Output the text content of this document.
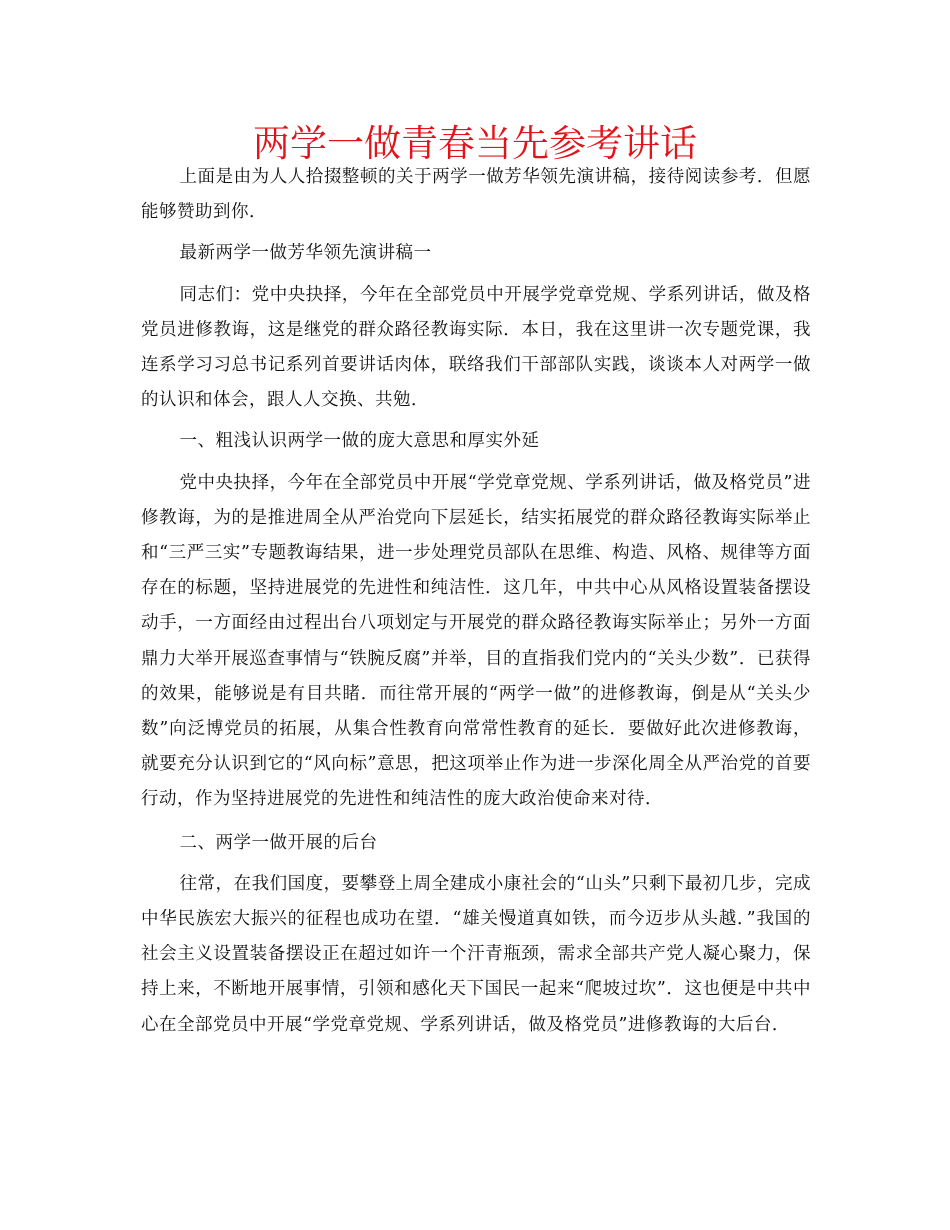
两学一做青春当先参考讲话

上面是由为人人拾掇整顿的关于两学一做芳华领先演讲稿，接待阅读参考．但愿能够赞助到你．

最新两学一做芳华领先演讲稿一

同志们：党中央抉择，今年在全部党员中开展学党章党规、学系列讲话，做及格党员进修教诲，这是继党的群众路径教诲实际．本日，我在这里讲一次专题党课，我连系学习习总书记系列首要讲话肉体，联络我们干部部队实践，谈谈本人对两学一做的认识和体会，跟人人交换、共勉．

一、粗浅认识两学一做的庞大意思和厚实外延

党中央抉择，今年在全部党员中开展“学党章党规、学系列讲话，做及格党员”进修教诲，为的是推进周全从严治党向下层延长，结实拓展党的群众路径教诲实际举止和“三严三实”专题教诲结果，进一步处理党员部队在思维、构造、风格、规律等方面存在的标题，坚持进展党的先进性和纯洁性．这几年，中共中心从风格设置装备摆设动手，一方面经由过程出台八项划定与开展党的群众路径教诲实际举止；另外一方面鼎力大举开展巡查事情与“铁腕反腐”并举，目的直指我们党内的“关头少数”．已获得的效果，能够说是有目共睹．而往常开展的“两学一做”的进修教诲，倒是从“关头少数”向泛博党员的拓展，从集合性教育向常常性教育的延长．要做好此次进修教诲，就要充分认识到它的“风向标”意思，把这项举止作为进一步深化周全从严治党的首要行动，作为坚持进展党的先进性和纯洁性的庞大政治使命来对待．

二、两学一做开展的后台

往常，在我们国度，要攀登上周全建成小康社会的“山头”只剩下最初几步，完成中华民族宏大振兴的征程也成功在望．“雄关慢道真如铁，而今迈步从头越．”我国的社会主义设置装备摆设正在超过如许一个汗青瓶颈，需求全部共产党人凝心聚力，保持上来，不断地开展事情，引领和感化天下国民一起来“爬坡过坎”．这也便是中共中心在全部党员中开展“学党章党规、学系列讲话，做及格党员”进修教诲的大后台．
